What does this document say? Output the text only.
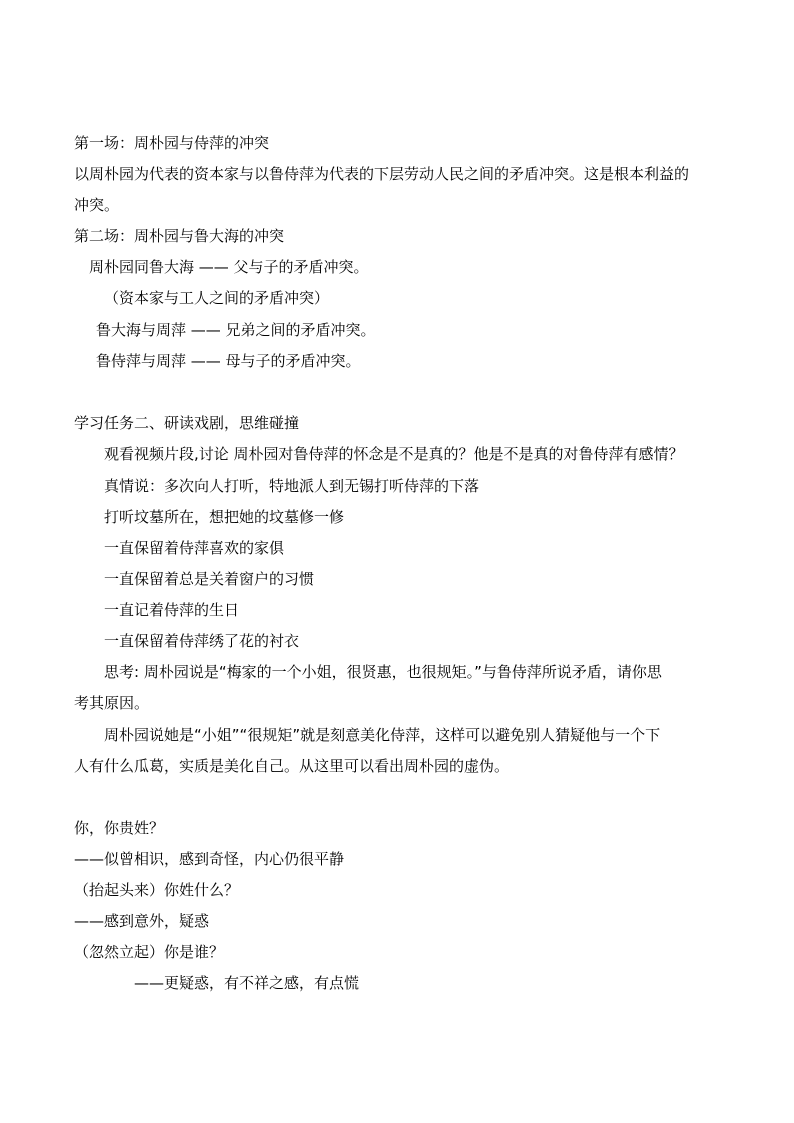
第一场：周朴园与侍萍的冲突
以周朴园为代表的资本家与以鲁侍萍为代表的下层劳动人民之间的矛盾冲突。这是根本利益的
冲突。
第二场：周朴园与鲁大海的冲突
周朴园同鲁大海 —— 父与子的矛盾冲突。
（资本家与工人之间的矛盾冲突）
鲁大海与周萍 —— 兄弟之间的矛盾冲突。
鲁侍萍与周萍 —— 母与子的矛盾冲突。
学习任务二、研读戏剧，思维碰撞
观看视频片段,讨论 周朴园对鲁侍萍的怀念是不是真的？他是不是真的对鲁侍萍有感情？
真情说：多次向人打听，特地派人到无锡打听侍萍的下落
打听坟墓所在，想把她的坟墓修一修
一直保留着侍萍喜欢的家俱
一直保留着总是关着窗户的习惯
一直记着侍萍的生日
一直保留着侍萍绣了花的衬衣
思考: 周朴园说是“梅家的一个小姐，很贤惠，也很规矩。”与鲁侍萍所说矛盾，请你思
考其原因。
周朴园说她是“小姐”“很规矩”就是刻意美化侍萍，这样可以避免别人猜疑他与一个下
人有什么瓜葛，实质是美化自己。从这里可以看出周朴园的虚伪。
你，你贵姓？
——似曾相识，感到奇怪，内心仍很平静
（抬起头来）你姓什么？
——感到意外，疑惑
（忽然立起）你是谁？
——更疑惑，有不祥之感，有点慌
